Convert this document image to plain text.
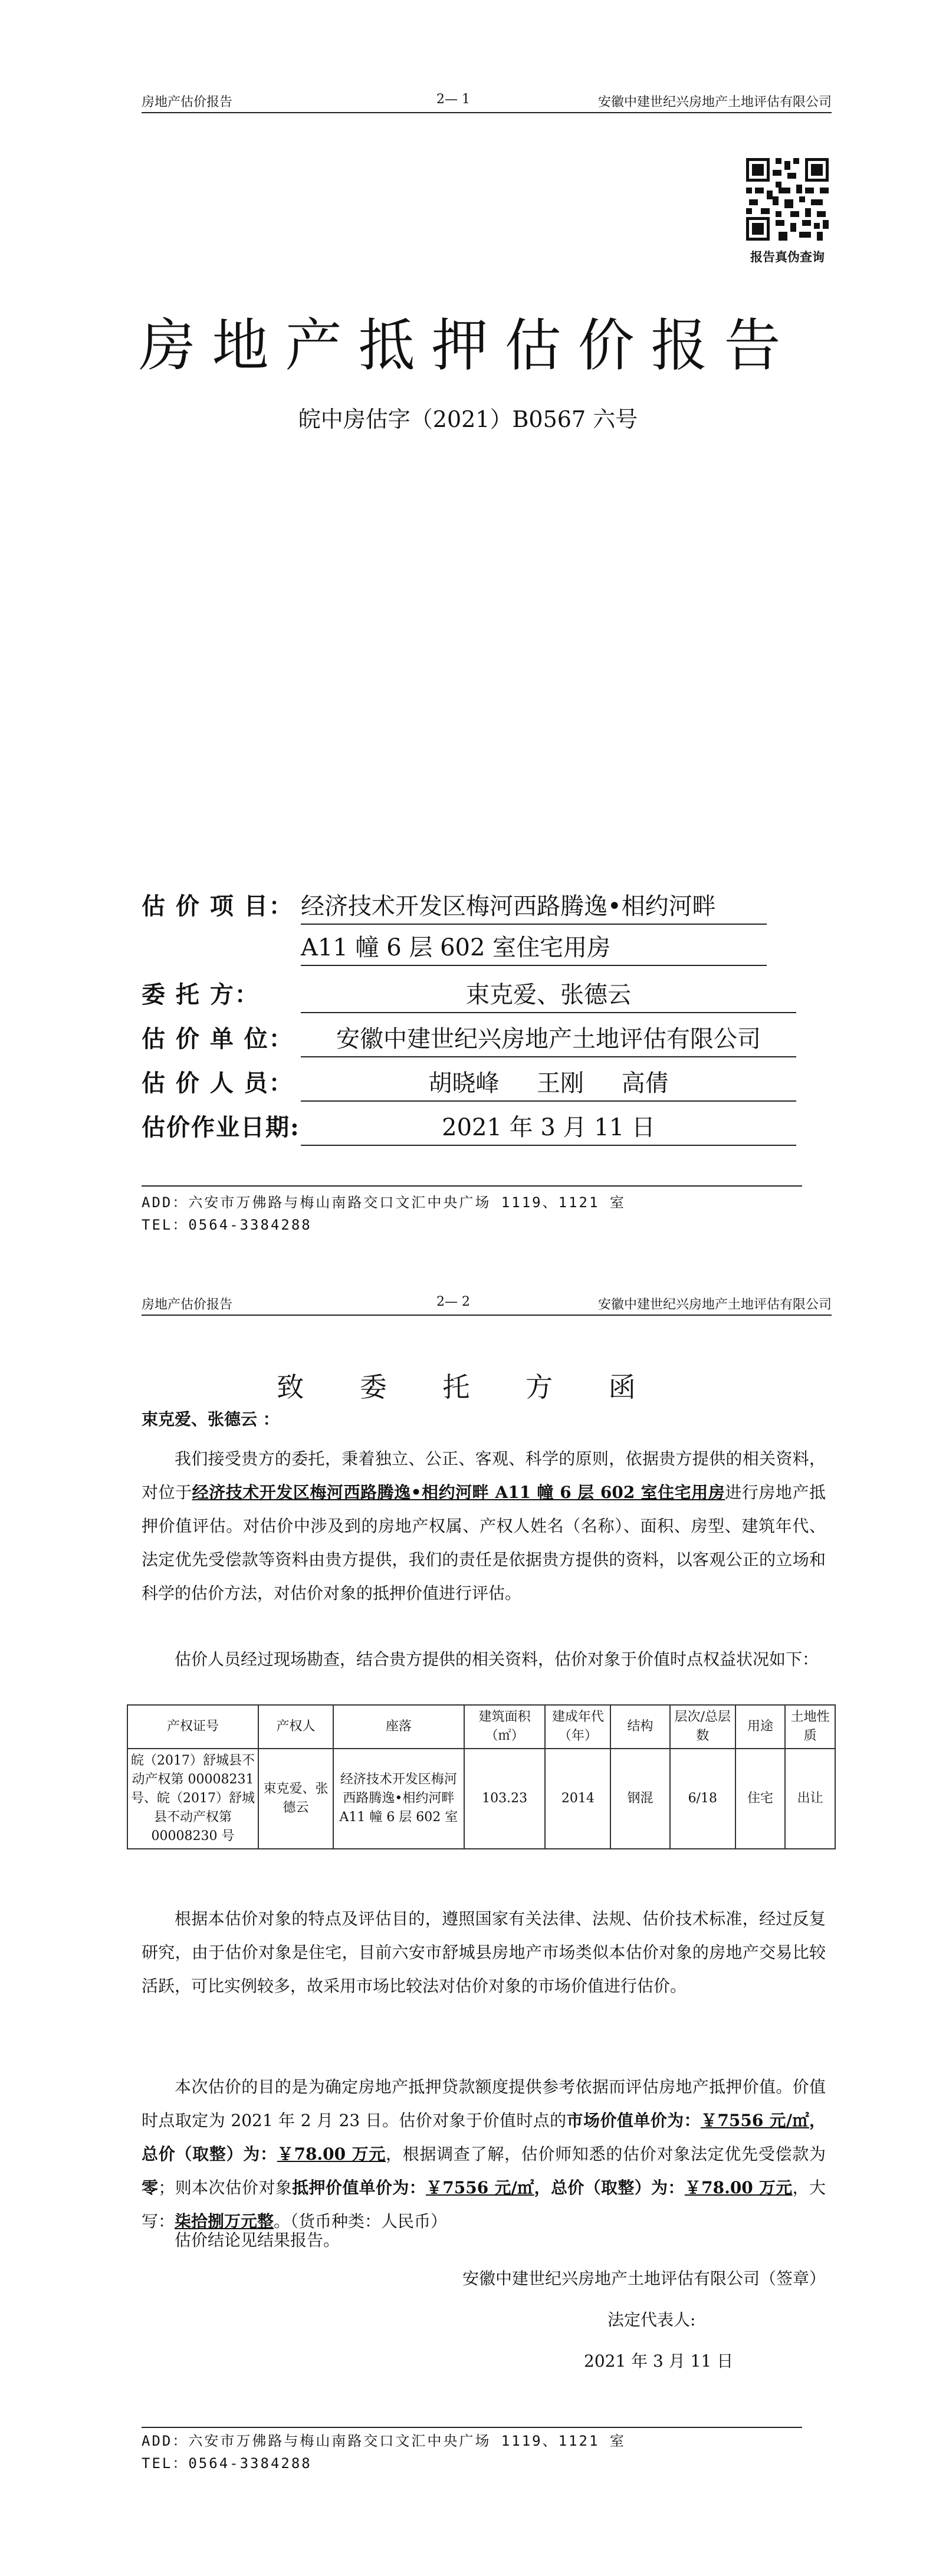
房地产估价报告	2— 1	安徽中建世纪兴房地产土地评估有限公司
报告真伪查询
房地产抵押估价报告
皖中房估字（2021）B0567 六号
估 价 项 目： 经济技术开发区梅河西路腾逸•相约河畔
A11 幢 6 层 602 室住宅用房
委 托 方：	束克爱、张德云
估 价 单 位： 安徽中建世纪兴房地产土地评估有限公司
估 价 人 员：	胡晓峰     王刚     高倩
估价作业日期:	2021 年 3 月 11 日
ADD：六安市万佛路与梅山南路交口文汇中央广场 1119、1121 室
TEL：0564-3384288
房地产估价报告	2— 2	安徽中建世纪兴房地产土地评估有限公司
致 委 托 方 函
束克爱、张德云 ：
我们接受贵方的委托，秉着独立、公正、客观、科学的原则，依据贵方提供的相关资料，对位于经济技术开发区梅河西路腾逸•相约河畔 A11 幢 6 层 602 室住宅用房进行房地产抵押价值评估。对估价中涉及到的房地产权属、产权人姓名（名称）、面积、房型、建筑年代、法定优先受偿款等资料由贵方提供，我们的责任是依据贵方提供的资料，以客观公正的立场和科学的估价方法，对估价对象的抵押价值进行评估。
估价人员经过现场勘查，结合贵方提供的相关资料，估价对象于价值时点权益状况如下：
产权证号	产权人	座落	建筑面积（㎡）	建成年代（年）	结构	层次/总层数	用途	土地性质
皖（2017）舒城县不动产权第 00008231 号、皖（2017）舒城县不动产权第 00008230 号	束克爱、张德云	经济技术开发区梅河西路腾逸•相约河畔 A11 幢 6 层 602 室	103.23	2014	钢混	6/18	住宅	出让
根据本估价对象的特点及评估目的，遵照国家有关法律、法规、估价技术标准，经过反复研究，由于估价对象是住宅，目前六安市舒城县房地产市场类似本估价对象的房地产交易比较活跃，可比实例较多，故采用市场比较法对估价对象的市场价值进行估价。
本次估价的目的是为确定房地产抵押贷款额度提供参考依据而评估房地产抵押价值。价值时点取定为 2021 年 2 月 23 日。估价对象于价值时点的市场价值单价为：￥7556 元/㎡，总价（取整）为：￥78.00 万元，根据调查了解，估价师知悉的估价对象法定优先受偿款为零；则本次估价对象抵押价值单价为：￥7556 元/㎡，总价（取整）为：￥78.00 万元，大写：柒拾捌万元整。（货币种类：人民币）
估价结论见结果报告。
安徽中建世纪兴房地产土地评估有限公司（签章）
法定代表人:
2021 年 3 月 11 日
ADD：六安市万佛路与梅山南路交口文汇中央广场 1119、1121 室
TEL：0564-3384288
